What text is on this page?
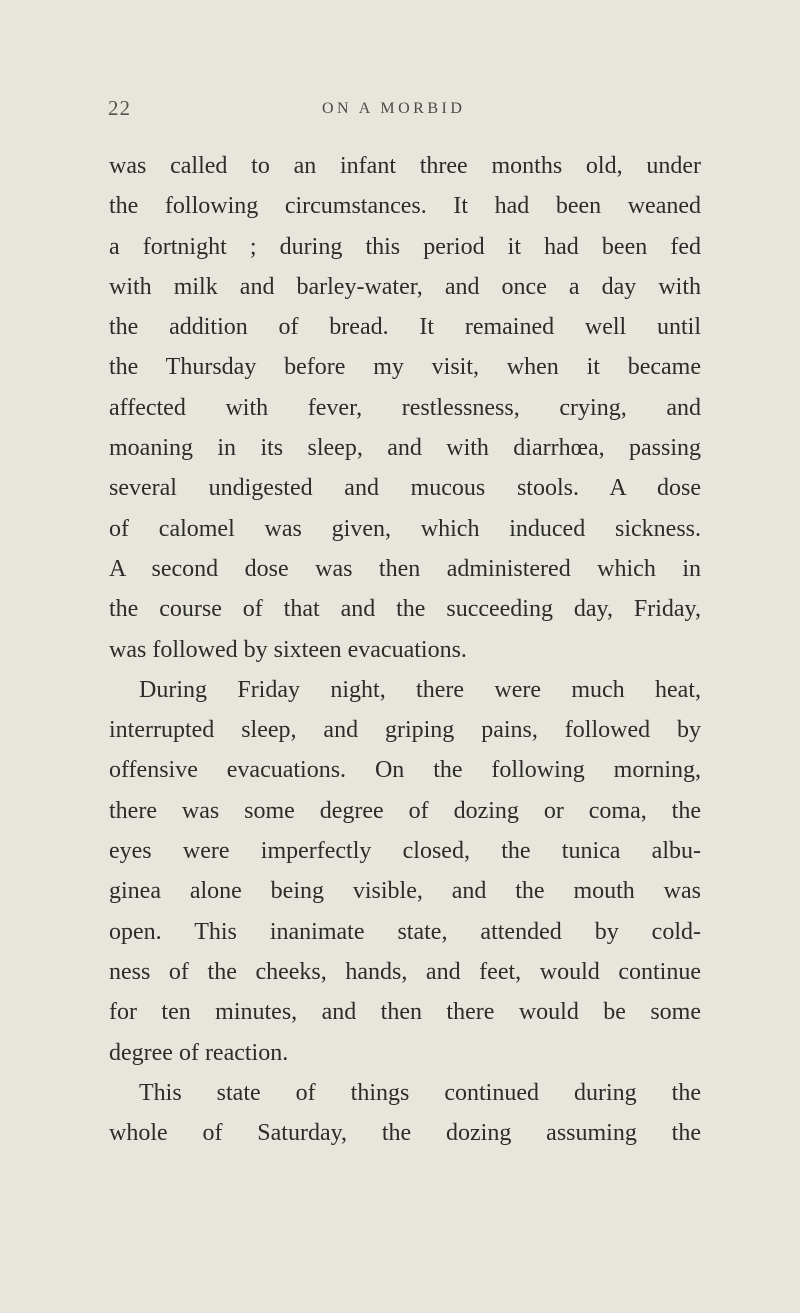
22	ON A MORBID
was called to an infant three months old, under
the following circumstances. It had been weaned
a fortnight ; during this period it had been fed
with milk and barley-water, and once a day with
the addition of bread. It remained well until
the Thursday before my visit, when it became
affected with fever, restlessness, crying, and
moaning in its sleep, and with diarrhœa, passing
several undigested and mucous stools. A dose
of calomel was given, which induced sickness.
A second dose was then administered which in
the course of that and the succeeding day, Friday,
was followed by sixteen evacuations.
During Friday night, there were much heat,
interrupted sleep, and griping pains, followed by
offensive evacuations. On the following morning,
there was some degree of dozing or coma, the
eyes were imperfectly closed, the tunica albu-
ginea alone being visible, and the mouth was
open. This inanimate state, attended by cold-
ness of the cheeks, hands, and feet, would continue
for ten minutes, and then there would be some
degree of reaction.
This state of things continued during the
whole of Saturday, the dozing assuming the
